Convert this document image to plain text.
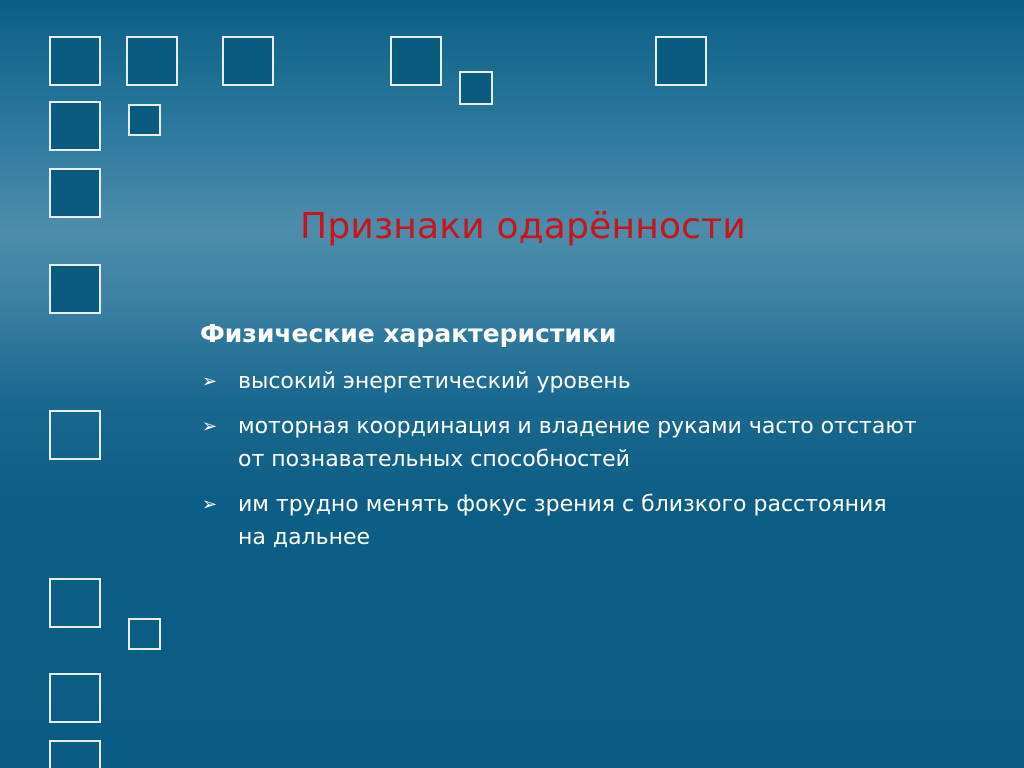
Признаки одарённости
Физические характеристики
➢ высокий энергетический уровень
➢ моторная координация и владение руками часто отстают от познавательных способностей
➢ им трудно менять фокус зрения с близкого расстояния на дальнее
